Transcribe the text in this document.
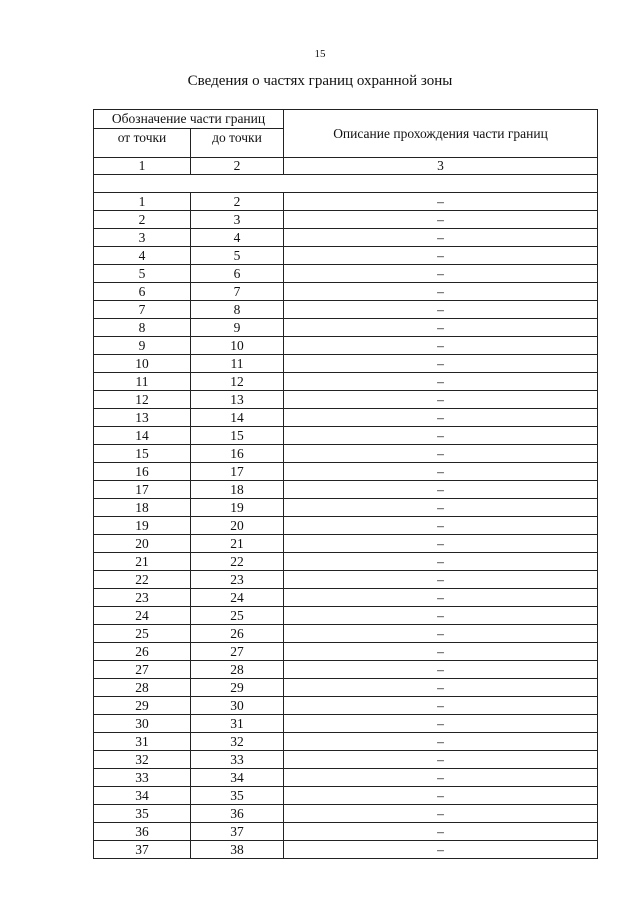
15
Сведения о частях границ охранной зоны
Обозначение части границ		Описание прохождения части границ
от точки	до точки	
1	2	3

1	2	–
2	3	–
3	4	–
4	5	–
5	6	–
6	7	–
7	8	–
8	9	–
9	10	–
10	11	–
11	12	–
12	13	–
13	14	–
14	15	–
15	16	–
16	17	–
17	18	–
18	19	–
19	20	–
20	21	–
21	22	–
22	23	–
23	24	–
24	25	–
25	26	–
26	27	–
27	28	–
28	29	–
29	30	–
30	31	–
31	32	–
32	33	–
33	34	–
34	35	–
35	36	–
36	37	–
37	38	–
